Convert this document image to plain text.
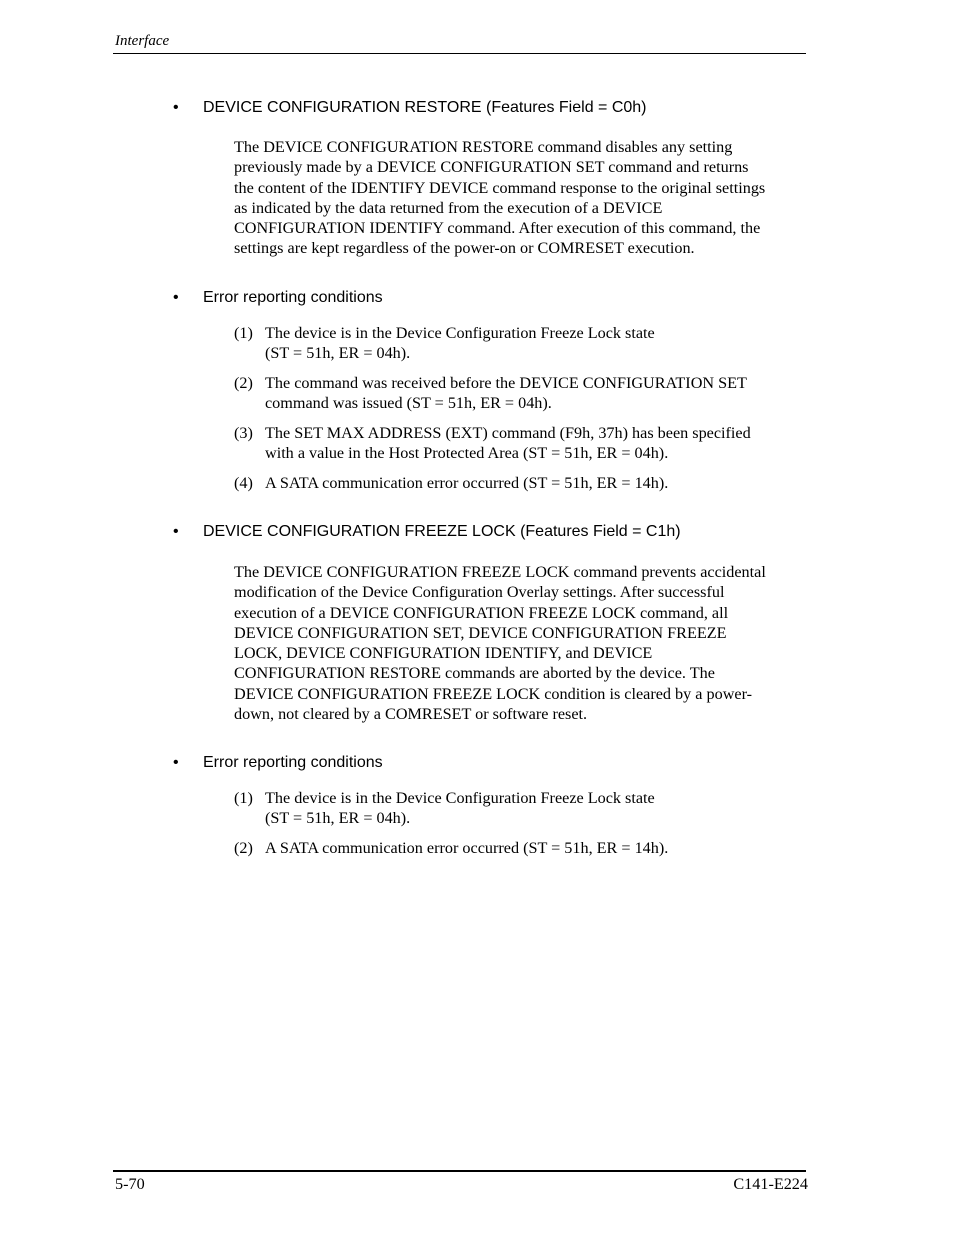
Interface
• DEVICE CONFIGURATION RESTORE (Features Field = C0h)
The DEVICE CONFIGURATION RESTORE command disables any setting
previously made by a DEVICE CONFIGURATION SET command and returns
the content of the IDENTIFY DEVICE command response to the original settings
as indicated by the data returned from the execution of a DEVICE
CONFIGURATION IDENTIFY command. After execution of this command, the
settings are kept regardless of the power-on or COMRESET execution.
• Error reporting conditions
(1) The device is in the Device Configuration Freeze Lock state
(ST = 51h, ER = 04h).
(2) The command was received before the DEVICE CONFIGURATION SET
command was issued (ST = 51h, ER = 04h).
(3) The SET MAX ADDRESS (EXT) command (F9h, 37h) has been specified
with a value in the Host Protected Area (ST = 51h, ER = 04h).
(4) A SATA communication error occurred (ST = 51h, ER = 14h).
• DEVICE CONFIGURATION FREEZE LOCK (Features Field = C1h)
The DEVICE CONFIGURATION FREEZE LOCK command prevents accidental
modification of the Device Configuration Overlay settings. After successful
execution of a DEVICE CONFIGURATION FREEZE LOCK command, all
DEVICE CONFIGURATION SET, DEVICE CONFIGURATION FREEZE
LOCK, DEVICE CONFIGURATION IDENTIFY, and DEVICE
CONFIGURATION RESTORE commands are aborted by the device. The
DEVICE CONFIGURATION FREEZE LOCK condition is cleared by a power-
down, not cleared by a COMRESET or software reset.
• Error reporting conditions
(1) The device is in the Device Configuration Freeze Lock state
(ST = 51h, ER = 04h).
(2) A SATA communication error occurred (ST = 51h, ER = 14h).
5-70	C141-E224
